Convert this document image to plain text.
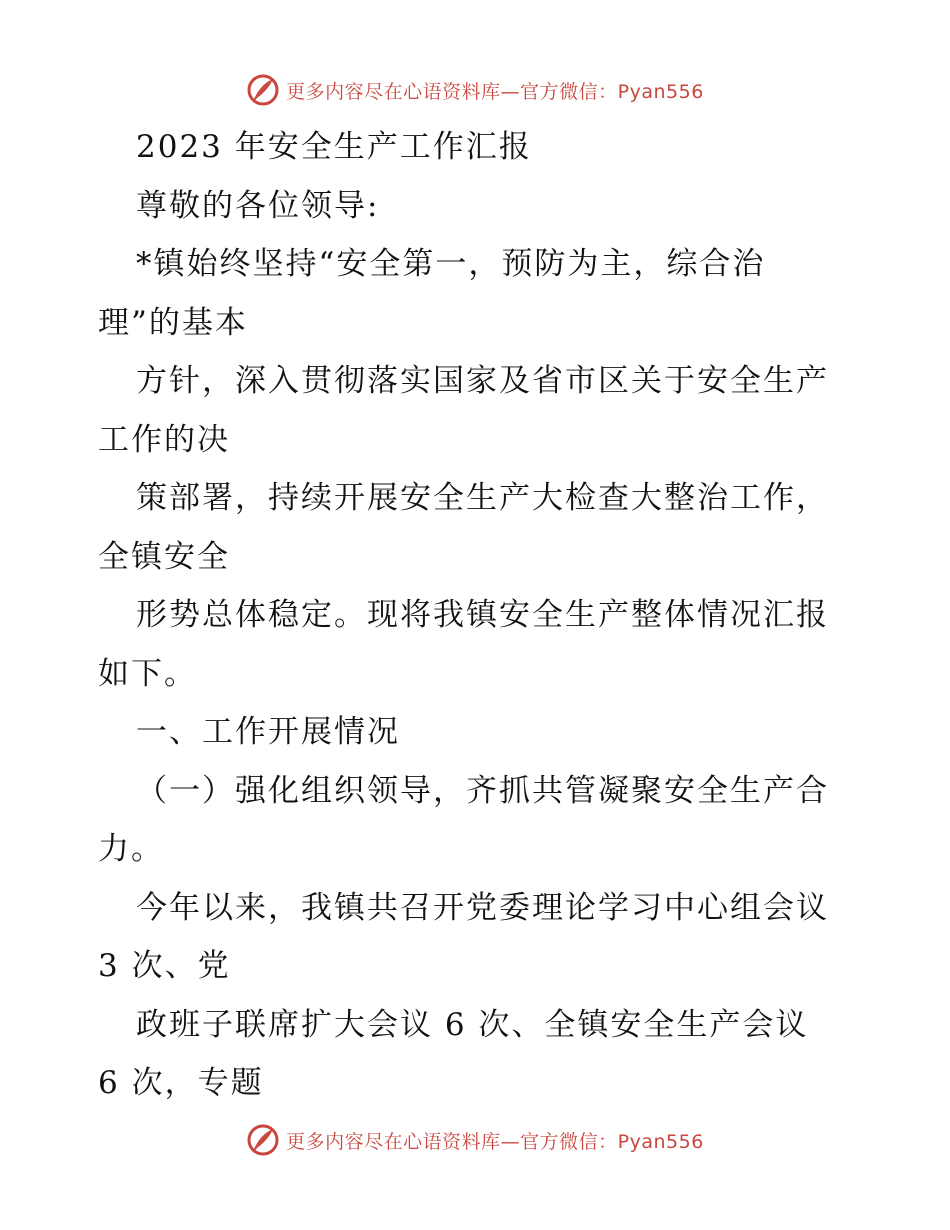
更多内容尽在心语资料库—官方微信：Pyan556
2023 年安全生产工作汇报
尊敬的各位领导:
*镇始终坚持“安全第一，预防为主，综合治
理”的基本
方针，深入贯彻落实国家及省市区关于安全生产
工作的决
策部署，持续开展安全生产大检查大整治工作，
全镇安全
形势总体稳定。现将我镇安全生产整体情况汇报
如下。
一、工作开展情况
（一）强化组织领导，齐抓共管凝聚安全生产合
力。
今年以来，我镇共召开党委理论学习中心组会议
3 次、党
政班子联席扩大会议 6 次、全镇安全生产会议
6 次，专题
更多内容尽在心语资料库—官方微信：Pyan556
